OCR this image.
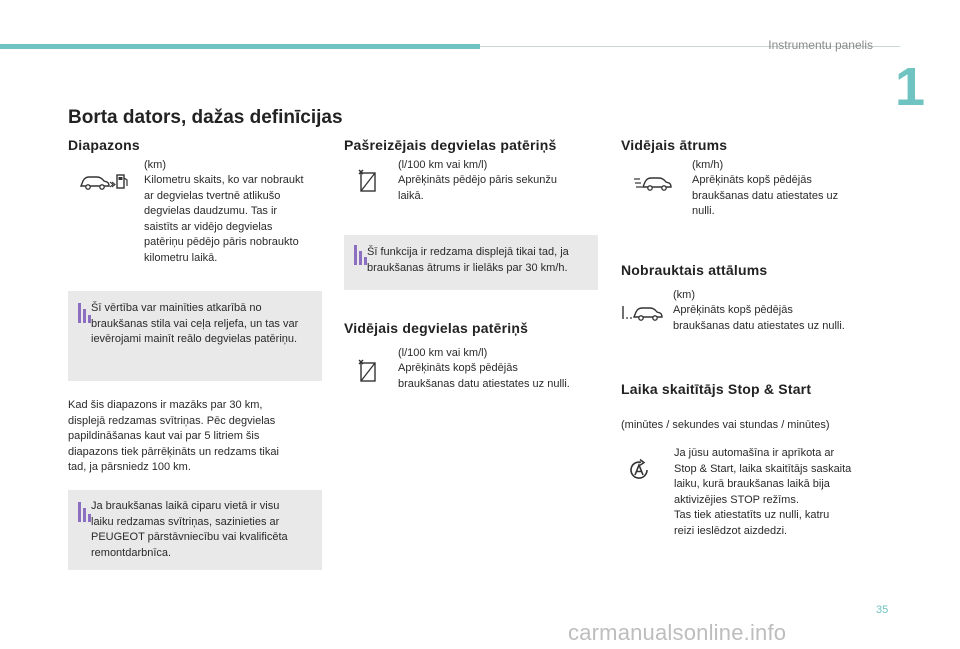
Instrumentu panelis
1
Borta dators, dažas definīcijas
Diapazons
(km)
Kilometru skaits, ko var nobraukt
ar degvielas tvertnē atlikušo
degvielas daudzumu. Tas ir
saistīts ar vidējo degvielas
patēriņu pēdējo pāris nobraukto
kilometru laikā.
Šī vērtība var mainīties atkarībā no
braukšanas stila vai ceļa reljefa, un tas var
ievērojami mainīt reālo degvielas patēriņu.
Kad šis diapazons ir mazāks par 30 km,
displejā redzamas svītriņas. Pēc degvielas
papildināšanas kaut vai par 5 litriem šis
diapazons tiek pārrēķināts un redzams tikai
tad, ja pārsniedz 100 km.
Ja braukšanas laikā ciparu vietā ir visu
laiku redzamas svītriņas, sazinieties ar
PEUGEOT pārstāvniecību vai kvalificēta
remontdarbnīca.
Pašreizējais degvielas patēriņš
(l/100 km vai km/l)
Aprēķināts pēdējo pāris sekunžu
laikā.
Šī funkcija ir redzama displejā tikai tad, ja
braukšanas ātrums ir lielāks par 30 km/h.
Vidējais degvielas patēriņš
(l/100 km vai km/l)
Aprēķināts kopš pēdējās
braukšanas datu atiestates uz nulli.
Vidējais ātrums
(km/h)
Aprēķināts kopš pēdējās
braukšanas datu atiestates uz
nulli.
Nobrauktais attālums
(km)
Aprēķināts kopš pēdējās
braukšanas datu atiestates uz nulli.
Laika skaitītājs Stop & Start
(minūtes / sekundes vai stundas / minūtes)
Ja jūsu automašīna ir aprīkota ar
Stop & Start, laika skaitītājs saskaita
laiku, kurā braukšanas laikā bija
aktivizējies STOP režīms.
Tas tiek atiestatīts uz nulli, katru
reizi ieslēdzot aizdedzi.
35
carmanualsonline.info
